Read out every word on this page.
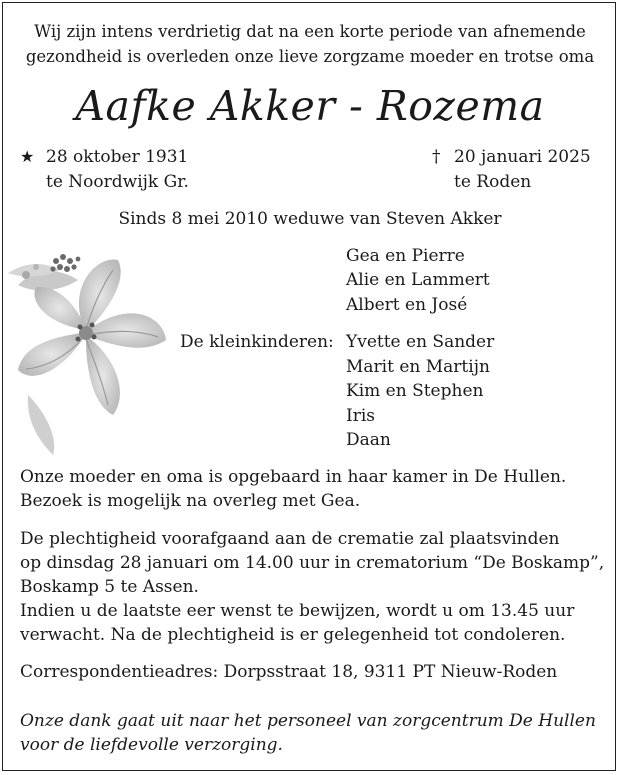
Wij zijn intens verdrietig dat na een korte periode van afnemende
gezondheid is overleden onze lieve zorgzame moeder en trotse oma
Aafke Akker - Rozema
★ 28 oktober 1931
te Noordwijk Gr.
† 20 januari 2025
te Roden
Sinds 8 mei 2010 weduwe van Steven Akker
Gea en Pierre
Alie en Lammert
Albert en José
De kleinkinderen: Yvette en Sander
Marit en Martijn
Kim en Stephen
Iris
Daan
Onze moeder en oma is opgebaard in haar kamer in De Hullen.
Bezoek is mogelijk na overleg met Gea.
De plechtigheid voorafgaand aan de crematie zal plaatsvinden
op dinsdag 28 januari om 14.00 uur in crematorium “De Boskamp”,
Boskamp 5 te Assen.
Indien u de laatste eer wenst te bewijzen, wordt u om 13.45 uur
verwacht. Na de plechtigheid is er gelegenheid tot condoleren.
Correspondentieadres: Dorpsstraat 18, 9311 PT Nieuw-Roden
Onze dank gaat uit naar het personeel van zorgcentrum De Hullen
voor de liefdevolle verzorging.
